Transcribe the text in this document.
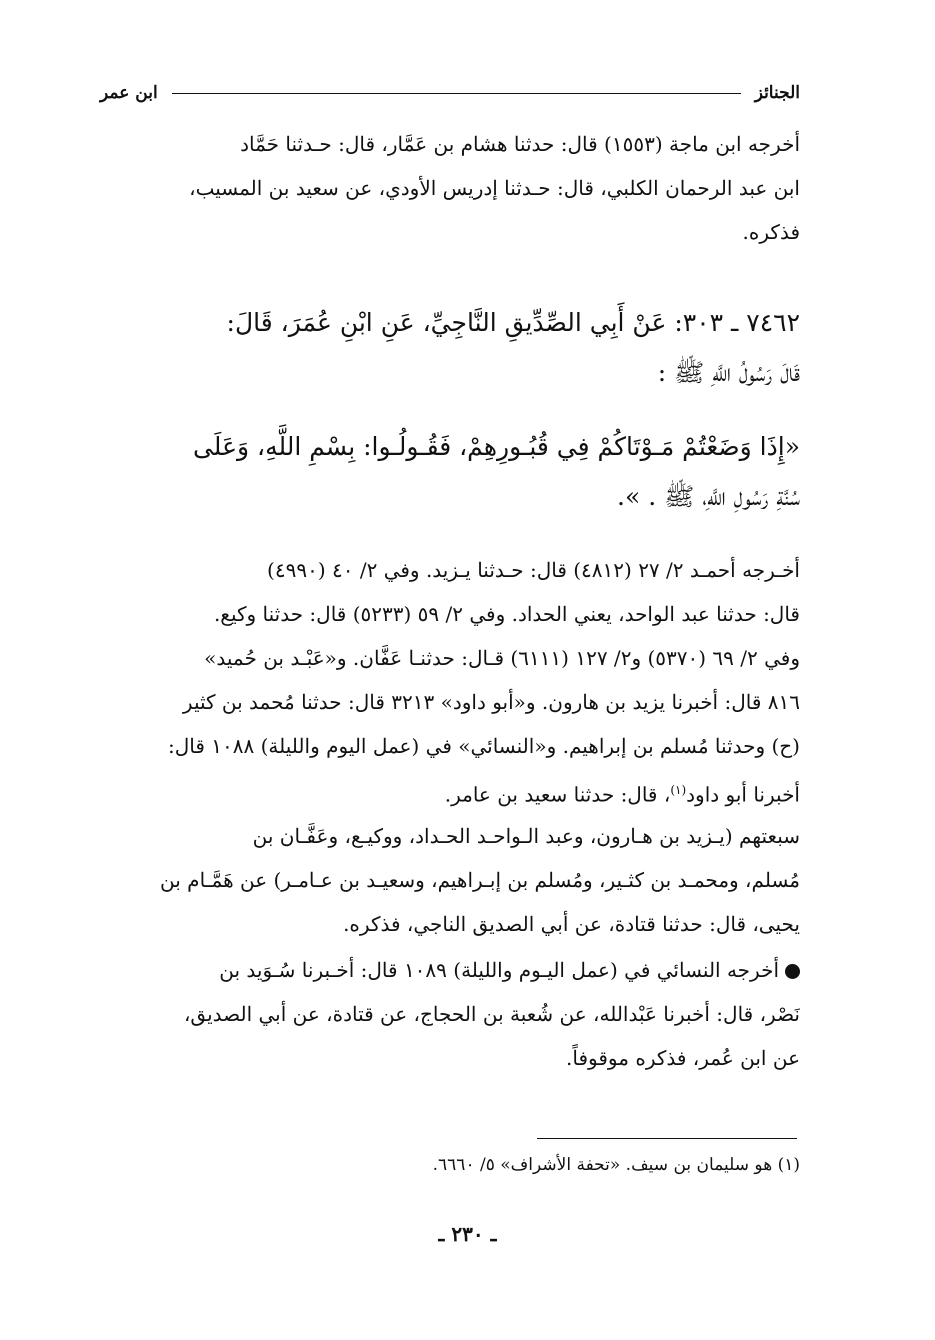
الجنائز
ابن عمر
أخرجه ابن ماجة (١٥٥٣) قال: حدثنا هشام بن عَمَّار، قال: حـدثنا حَمَّاد
ابن عبد الرحمان الكلبي، قال: حـدثنا إدريس الأودي، عن سعيد بن المسيب،
فذكره.
٧٤٦٢ ـ ٣٠٣: عَنْ أَبِي الصِّدِّيقِ النَّاجِيِّ، عَنِ ابْنِ عُمَرَ، قَالَ:
قَالَ رَسُولُ اللَّهِ ﷺ :
«إِذَا وَضَعْتُمْ مَـوْتَاكُمْ فِي قُبُـورِهِمْ، فَقُـولُـوا: بِسْمِ اللَّهِ، وَعَلَى
سُنَّةِ رَسُولِ اللَّهِ، ﷺ . ».
أخـرجه أحمـد ٢/ ٢٧ (٤٨١٢) قال: حـدثنا يـزيد. وفي ٢/ ٤٠ (٤٩٩٠)
قال: حدثنا عبد الواحد، يعني الحداد. وفي ٢/ ٥٩ (٥٢٣٣) قال: حدثنا وكيع.
وفي ٢/ ٦٩ (٥٣٧٠) و٢/ ١٢٧ (٦١١١) قـال: حدثنـا عَفَّان. و«عَبْـد بن حُميد»
٨١٦ قال: أخبرنا يزيد بن هارون. و«أبو داود» ٣٢١٣ قال: حدثنا مُحمد بن كثير
(ح) وحدثنا مُسلم بن إبراهيم. و«النسائي» في (عمل اليوم والليلة) ١٠٨٨ قال:
أخبرنا أبو داود$^{(١)}$، قال: حدثنا سعيد بن عامر.
سبعتهم (يـزيد بن هـارون، وعبد الـواحـد الحـداد، ووكيـع، وعَفَّـان بن
مُسلم، ومحمـد بن كثـير، ومُسلم بن إبـراهيم، وسعيـد بن عـامـر) عن هَمَّـام بن
يحيى، قال: حدثنا قتادة، عن أبي الصديق الناجي، فذكره.
أخرجه النسائي في (عمل اليـوم والليلة) ١٠٨٩ قال: أخـبرنا سُـوَيد بن
نَصْر، قال: أخبرنا عَبْدالله، عن شُعبة بن الحجاج، عن قتادة، عن أبي الصديق،
عن ابن عُمر، فذكره موقوفاً.
(١) هو سليمان بن سيف. «تحفة الأشراف» ٥/ ٦٦٦٠.
ـ ٢٣٠ ـ
